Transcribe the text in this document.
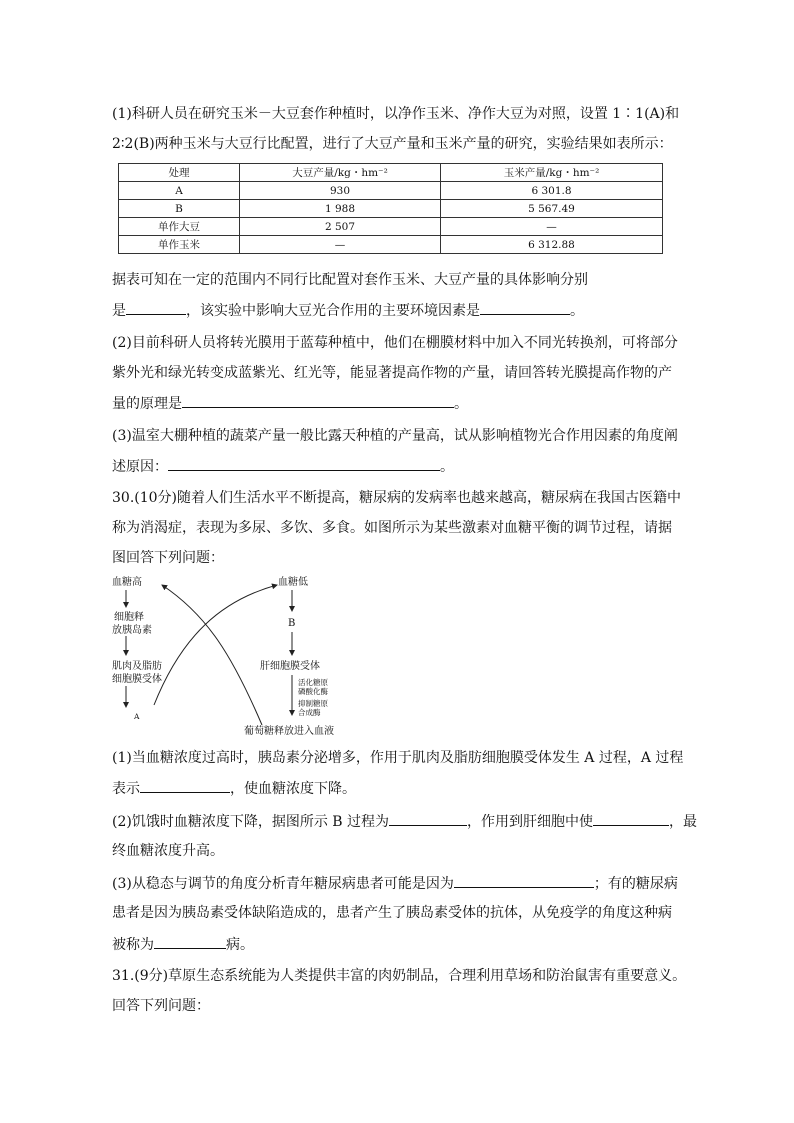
(1)科研人员在研究玉米－大豆套作种植时，以净作玉米、净作大豆为对照，设置 1∶1(A)和
2∶2(B)两种玉米与大豆行比配置，进行了大豆产量和玉米产量的研究，实验结果如表所示：
处理	大豆产量/kg・hm⁻²	玉米产量/kg・hm⁻²
A	930	6 301.8
B	1 988	5 567.49
单作大豆	2 507	—
单作玉米	—	6 312.88
据表可知在一定的范围内不同行比配置对套作玉米、大豆产量的具体影响分别
是	，该实验中影响大豆光合作用的主要环境因素是	。
(2)目前科研人员将转光膜用于蓝莓种植中，他们在棚膜材料中加入不同光转换剂，可将部分
紫外光和绿光转变成蓝紫光、红光等，能显著提高作物的产量，请回答转光膜提高作物的产
量的原理是	。
(3)温室大棚种植的蔬菜产量一般比露天种植的产量高，试从影响植物光合作用因素的角度阐
述原因：	。
30.(10分)随着人们生活水平不断提高，糖尿病的发病率也越来越高，糖尿病在我国古医籍中
称为消渴症，表现为多尿、多饮、多食。如图所示为某些激素对血糖平衡的调节过程，请据
图回答下列问题：
血糖高
细胞释
放胰岛素
肌肉及脂肪
细胞膜受体
A
血糖低
B
肝细胞膜受体
活化糖原
磷酸化酶
抑制糖原
合成酶
葡萄糖释放进入血液
(1)当血糖浓度过高时，胰岛素分泌增多，作用于肌肉及脂肪细胞膜受体发生 A 过程，A 过程
表示	，使血糖浓度下降。
(2)饥饿时血糖浓度下降，据图所示 B 过程为	，作用到肝细胞中使	，最
终血糖浓度升高。
(3)从稳态与调节的角度分析青年糖尿病患者可能是因为	；有的糖尿病
患者是因为胰岛素受体缺陷造成的，患者产生了胰岛素受体的抗体，从免疫学的角度这种病
被称为	病。
31.(9分)草原生态系统能为人类提供丰富的肉奶制品，合理利用草场和防治鼠害有重要意义。
回答下列问题：
